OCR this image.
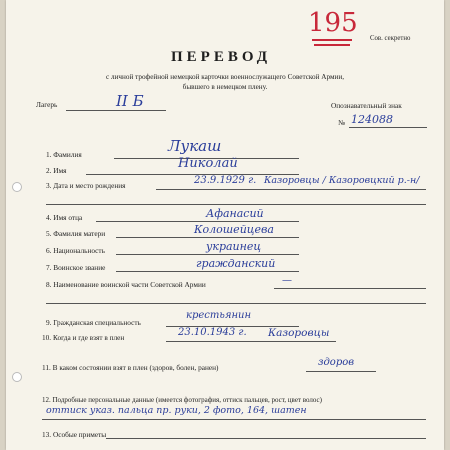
195
Сов. секретно
ПЕРЕВОД
с личной трофейной немецкой карточки военнослужащего Советской Армии,
бывшего в немецком плену.
Лагерь	II Б	Опознавательный знак
№ 124088
1. Фамилия	Лукаш
2. Имя	Николай
3. Дата и место рождения	23.9.1929 г. Казоровцы / Казоровцкий р.-н/
4. Имя отца	Афанасий
5. Фамилия матери	Колошейцева
6. Национальность	украинец
7. Воинское звание	гражданский
8. Наименование воинской части Советской Армии	—
9. Гражданская специальность
крестьянин
10. Когда и где взят в плен	23.10.1943 г. Казоровцы
11. В каком состоянии взят в плен (здоров, болен, ранен)	здоров
12. Подробные персональные данные (имеется фотография, оттиск пальцев, рост, цвет волос)
оттиск указ. пальца пр. руки, 2 фото, 164, шатен
13. Особые приметы
